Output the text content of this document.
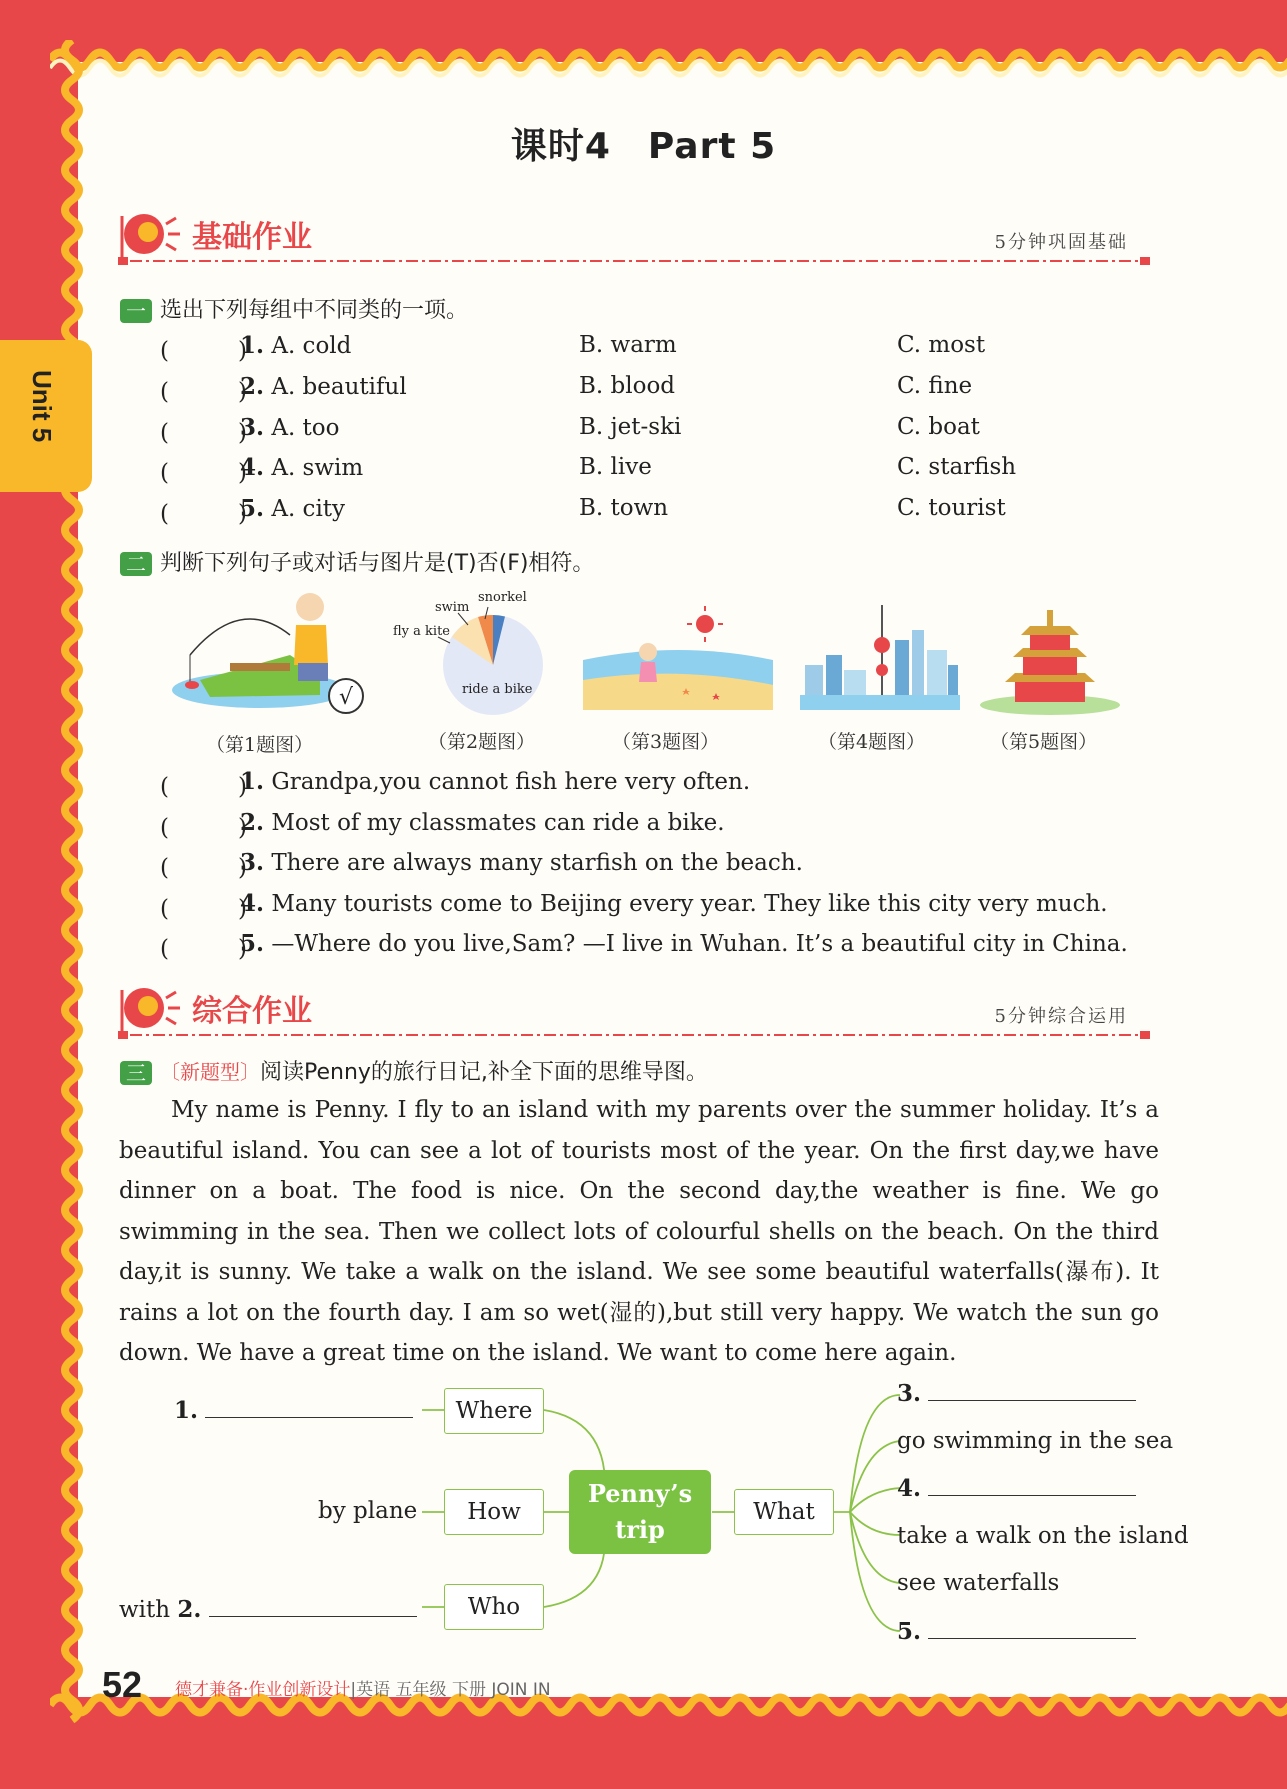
Unit 5
课时4　Part 5
基础作业	5分钟巩固基础
一 选出下列每组中不同类的一项。
(　　　)
1. A. cold	B. warm	C. most
(　　　)
2. A. beautiful	B. blood	C. fine
(　　　)
3. A. too	B. jet-ski	C. boat
(　　　)
4. A. swim	B. live	C. starfish
(　　　)
5. A. city	B. town	C. tourist
二 判断下列句子或对话与图片是(T)否(F)相符。
√
snorkel
swim
fly a kite
ride a bike
（第1题图）	（第2题图）	（第3题图）	（第4题图）	（第5题图）
(　　　)
1. Grandpa,you cannot fish here very often.
(　　　)
2. Most of my classmates can ride a bike.
(　　　)
3. There are always many starfish on the beach.
(　　　)
4. Many tourists come to Beijing every year. They like this city very much.
(　　　)
5. —Where do you live,Sam? —I live in Wuhan. It’s a beautiful city in China.
综合作业	5分钟综合运用
三 〔新题型〕阅读Penny的旅行日记,补全下面的思维导图。

My name is Penny. I fly to an island with my parents over the summer holiday. It’s a beautiful island. You can see a lot of tourists most of the year. On the first day,we have dinner on a boat. The food is nice. On the second day,the weather is fine. We go swimming in the sea. Then we collect lots of colourful shells on the beach. On the third day,it is sunny. We take a walk on the island. We see some beautiful waterfalls(瀑布). It rains a lot on the fourth day. I am so wet(湿的),but still very happy. We watch the sun go down. We have a great time on the island. We want to come here again.

1.
by plane
with 2.
Where
How
Who
Penny’s
trip
What
3.
go swimming in the sea
4.
take a walk on the island
see waterfalls
5.
52 德才兼备·作业创新设计|英语 五年级 下册 JOIN IN
